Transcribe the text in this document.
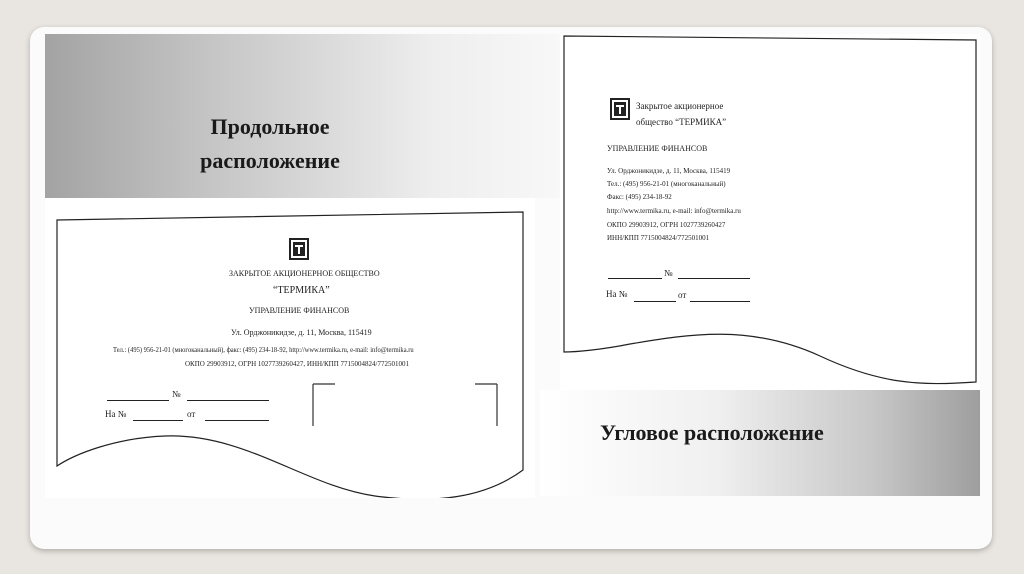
Продольное
расположение
ЗАКРЫТОЕ АКЦИОНЕРНОЕ ОБЩЕСТВО
“ТЕРМИКА”
УПРАВЛЕНИЕ ФИНАНСОВ
Ул. Орджоникидзе, д. 11, Москва, 115419
Тел.: (495) 956-21-01 (многоканальный), факс: (495) 234-18-92, http://www.termika.ru, e-mail: info@termika.ru
ОКПО 29903912, ОГРН 1027739260427, ИНН/КПП 7715004824/772501001
№
На №	от
Закрытое акционерное
общество “ТЕРМИКА”
УПРАВЛЕНИЕ ФИНАНСОВ
Ул. Орджоникидзе, д. 11, Москва, 115419
Тел.: (495) 956-21-01 (многоканальный)
Факс: (495) 234-18-92
http://www.termika.ru, e-mail: info@termika.ru
ОКПО 29903912, ОГРН 1027739260427
ИНН/КПП 7715004824/772501001
№
На №	от
Угловое расположение
